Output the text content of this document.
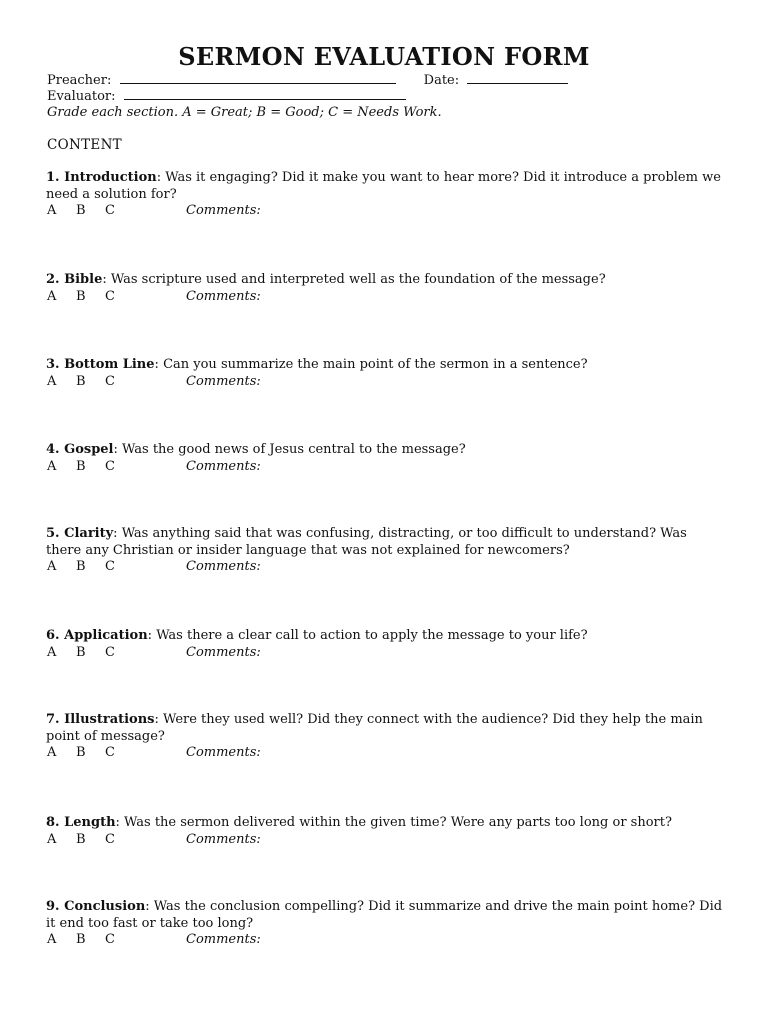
SERMON EVALUATION FORM
Preacher:	Date:
Evaluator:
Grade each section. A = Great; B = Good; C = Needs Work.
CONTENT
1. Introduction: Was it engaging? Did it make you want to hear more? Did it introduce a problem we need a solution for?
A B C	Comments:
2. Bible: Was scripture used and interpreted well as the foundation of the message?
A B C	Comments:
3. Bottom Line: Can you summarize the main point of the sermon in a sentence?
A B C	Comments:
4. Gospel: Was the good news of Jesus central to the message?
A B C	Comments:
5. Clarity: Was anything said that was confusing, distracting, or too difficult to understand? Was there any Christian or insider language that was not explained for newcomers?
A B C	Comments:
6. Application: Was there a clear call to action to apply the message to your life?
A B C	Comments:
7. Illustrations: Were they used well? Did they connect with the audience? Did they help the main point of message?
A B C	Comments:
8. Length: Was the sermon delivered within the given time? Were any parts too long or short?
A B C	Comments:
9. Conclusion: Was the conclusion compelling? Did it summarize and drive the main point home? Did it end too fast or take too long?
A B C	Comments:
